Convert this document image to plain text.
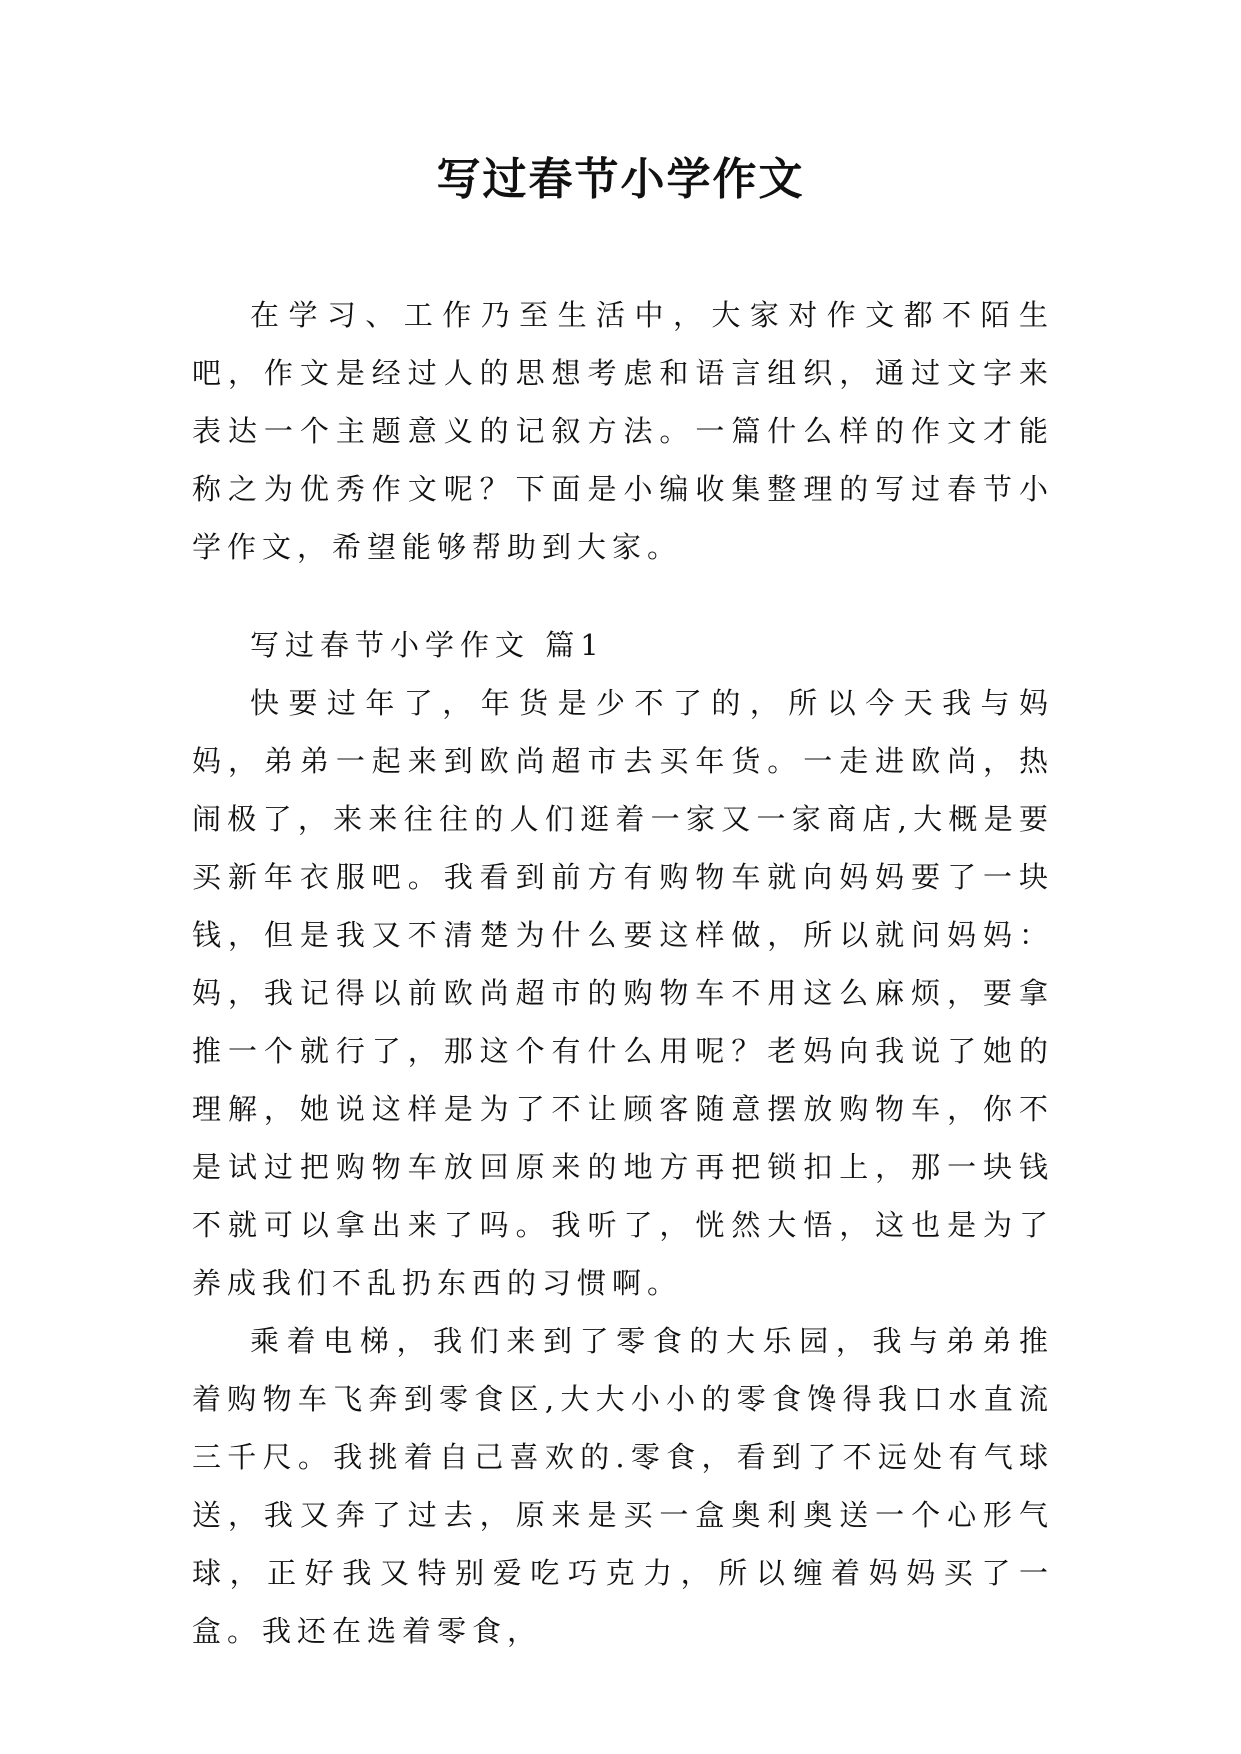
写过春节小学作文

在学习、工作乃至生活中，大家对作文都不陌生吧，作文是经过人的思想考虑和语言组织，通过文字来表达一个主题意义的记叙方法。一篇什么样的作文才能称之为优秀作文呢？下面是小编收集整理的写过春节小学作文，希望能够帮助到大家。

写过春节小学作文 篇1

快要过年了，年货是少不了的，所以今天我与妈妈，弟弟一起来到欧尚超市去买年货。一走进欧尚，热闹极了，来来往往的人们逛着一家又一家商店,大概是要买新年衣服吧。我看到前方有购物车就向妈妈要了一块钱，但是我又不清楚为什么要这样做，所以就问妈妈：妈，我记得以前欧尚超市的购物车不用这么麻烦，要拿推一个就行了，那这个有什么用呢？老妈向我说了她的理解，她说这样是为了不让顾客随意摆放购物车，你不是试过把购物车放回原来的地方再把锁扣上，那一块钱不就可以拿出来了吗。我听了，恍然大悟，这也是为了养成我们不乱扔东西的习惯啊。

乘着电梯，我们来到了零食的大乐园，我与弟弟推着购物车飞奔到零食区,大大小小的零食馋得我口水直流三千尺。我挑着自己喜欢的.零食，看到了不远处有气球送，我又奔了过去，原来是买一盒奥利奥送一个心形气球，正好我又特别爱吃巧克力，所以缠着妈妈买了一盒。我还在选着零食，
